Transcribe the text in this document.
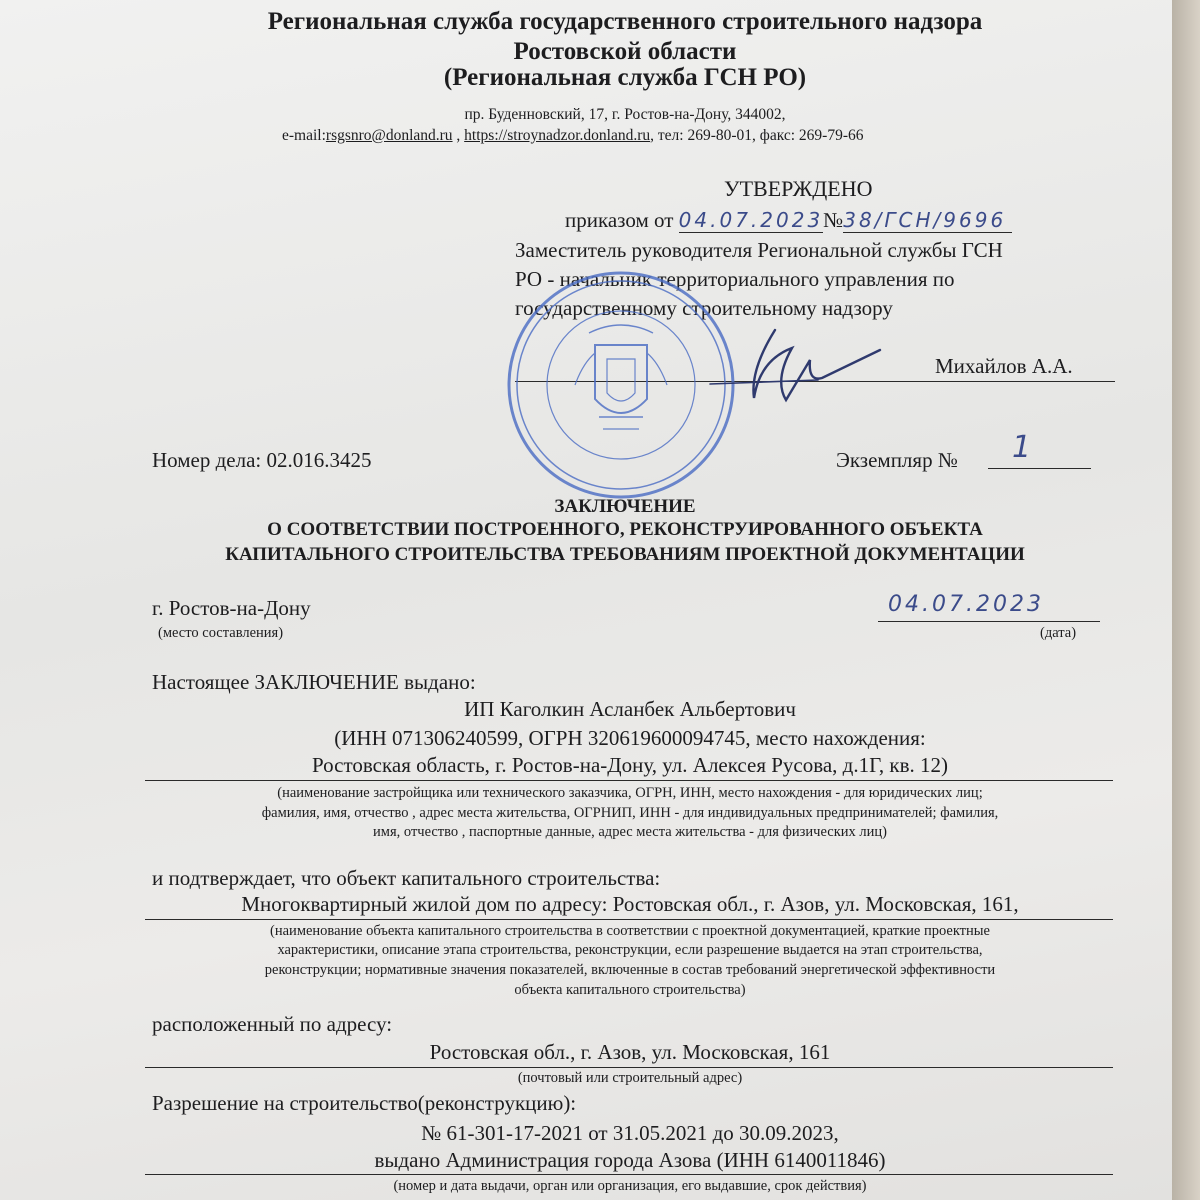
Региональная служба государственного строительного надзора
Ростовской области
(Региональная служба ГСН РО)
пр. Буденновский, 17, г. Ростов-на-Дону, 344002,
e-mail:rsgsnro@donland.ru , https://stroynadzor.donland.ru, тел: 269-80-01, факс: 269-79-66
УТВЕРЖДЕНО
приказом от 04.07.2023№38/ГСН/9696
Заместитель руководителя Региональной службы ГСН
РО - начальник территориального управления по
государственному строительному надзору
Михайлов А.А.
Номер дела: 02.016.3425	Экземпляр № 1
ЗАКЛЮЧЕНИЕ
О СООТВЕТСТВИИ ПОСТРОЕННОГО, РЕКОНСТРУИРОВАННОГО ОБЪЕКТА
КАПИТАЛЬНОГО СТРОИТЕЛЬСТВА ТРЕБОВАНИЯМ ПРОЕКТНОЙ ДОКУМЕНТАЦИИ
г. Ростов-на-Дону
(место составления)
04.07.2023
(дата)
Настоящее ЗАКЛЮЧЕНИЕ выдано:
ИП Каголкин Асланбек Альбертович
(ИНН 071306240599, ОГРН 320619600094745, место нахождения:
Ростовская область, г. Ростов-на-Дону, ул. Алексея Русова, д.1Г, кв. 12)
(наименование застройщика или технического заказчика, ОГРН, ИНН, место нахождения - для юридических лиц;
фамилия, имя, отчество , адрес места жительства, ОГРНИП, ИНН - для индивидуальных предпринимателей; фамилия,
имя, отчество , паспортные данные, адрес места жительства - для физических лиц)
и подтверждает, что объект капитального строительства:
Многоквартирный жилой дом по адресу: Ростовская обл., г. Азов, ул. Московская, 161,
(наименование объекта капитального строительства в соответствии с проектной документацией, краткие проектные
характеристики, описание этапа строительства, реконструкции, если разрешение выдается на этап строительства,
реконструкции; нормативные значения показателей, включенные в состав требований энергетической эффективности
объекта капитального строительства)
расположенный по адресу:
Ростовская обл., г. Азов, ул. Московская, 161
(почтовый или строительный адрес)
Разрешение на строительство(реконструкцию):
№ 61-301-17-2021 от 31.05.2021 до 30.09.2023,
выдано Администрация города Азова (ИНН 6140011846)
(номер и дата выдачи, орган или организация, его выдавшие, срок действия)
